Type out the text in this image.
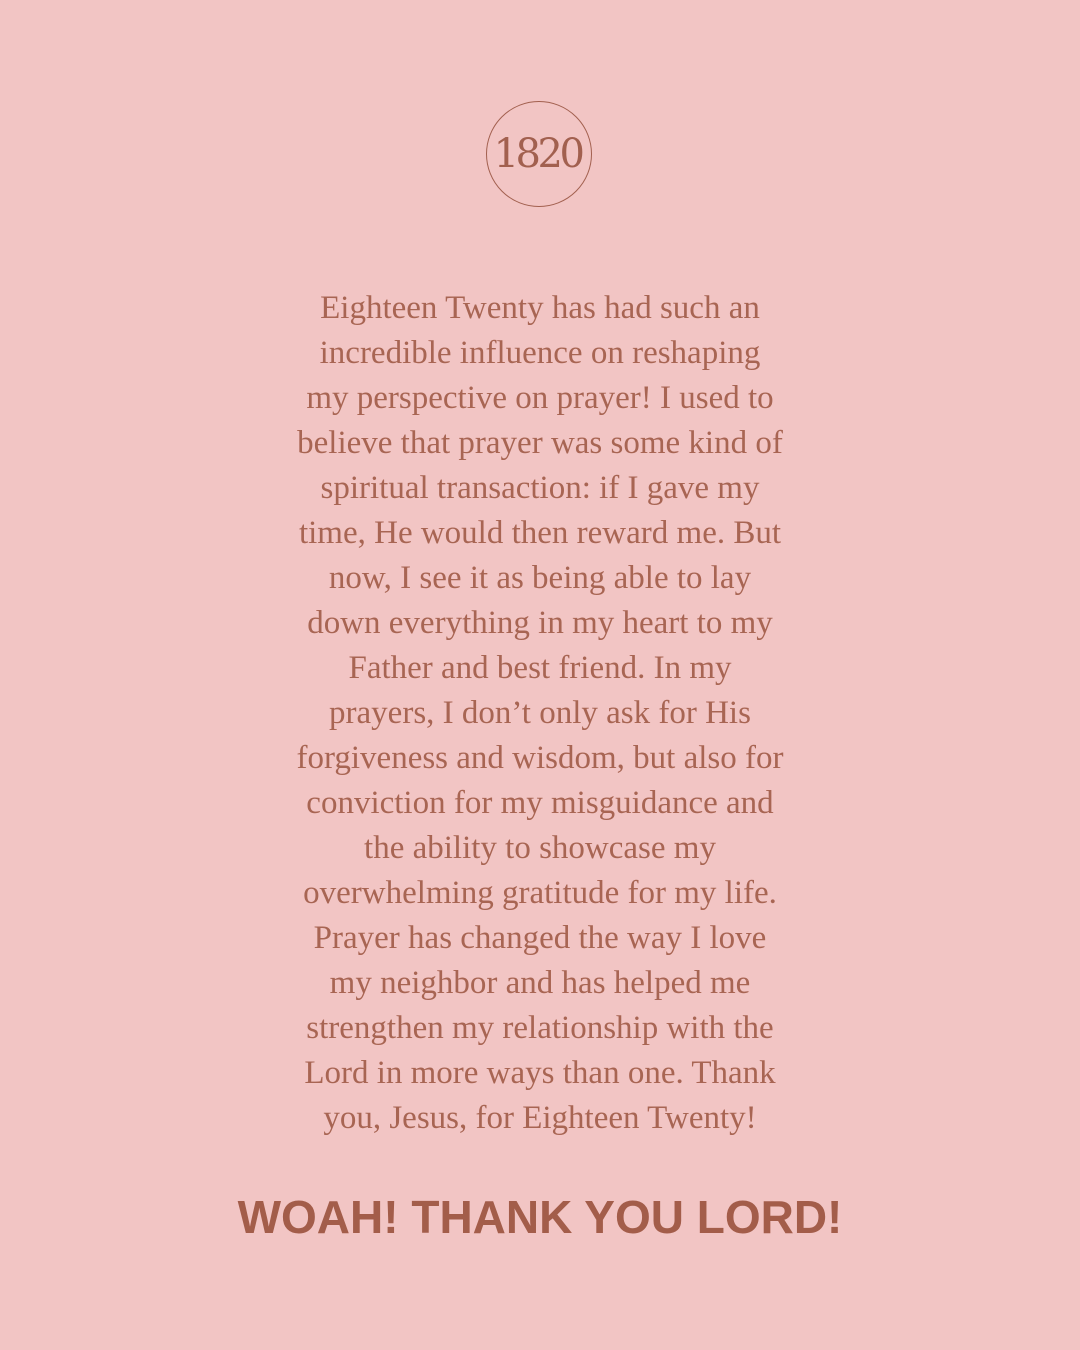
1820
Eighteen Twenty has had such an
incredible influence on reshaping
my perspective on prayer! I used to
believe that prayer was some kind of
spiritual transaction: if I gave my
time, He would then reward me. But
now, I see it as being able to lay
down everything in my heart to my
Father and best friend. In my
prayers, I don’t only ask for His
forgiveness and wisdom, but also for
conviction for my misguidance and
the ability to showcase my
overwhelming gratitude for my life.
Prayer has changed the way I love
my neighbor and has helped me
strengthen my relationship with the
Lord in more ways than one. Thank
you, Jesus, for Eighteen Twenty!
WOAH! THANK YOU LORD!
